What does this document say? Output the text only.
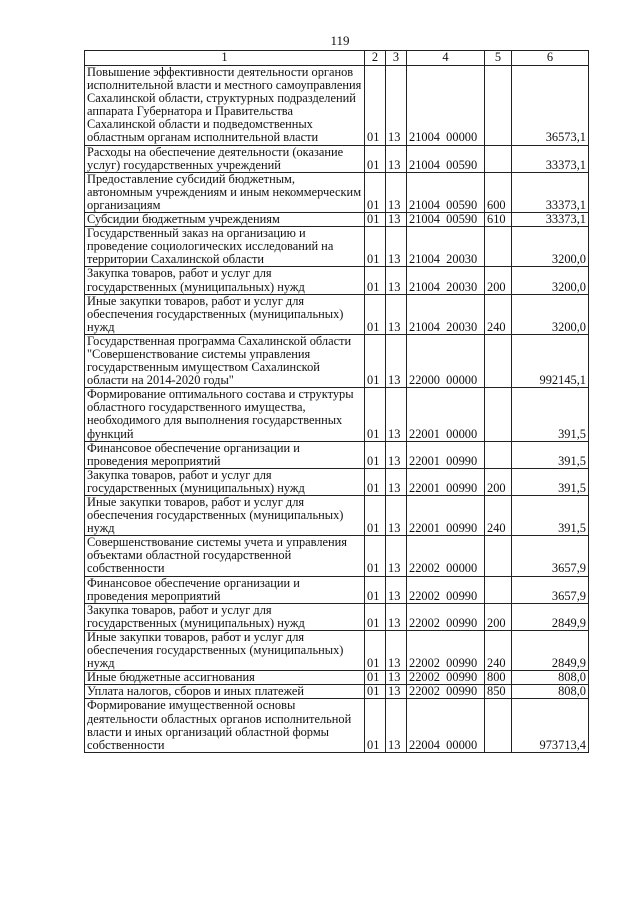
119
1	2	3	4	5	6
Повышение эффективности деятельности органов исполнительной власти и местного самоуправления Сахалинской области, структурных подразделений аппарата Губернатора и Правительства Сахалинской области и подведомственных областным органам исполнительной власти	01	13	21004  00000		36573,1
Расходы на обеспечение деятельности (оказание услуг) государственных учреждений	01	13	21004  00590		33373,1
Предоставление субсидий бюджетным, автономным учреждениям и иным некоммерческим организациям	01	13	21004  00590	600	33373,1
Субсидии бюджетным учреждениям	01	13	21004  00590	610	33373,1
Государственный заказ на организацию и проведение социологических исследований на территории Сахалинской области	01	13	21004  20030		3200,0
Закупка товаров, работ и услуг для государственных (муниципальных) нужд	01	13	21004  20030	200	3200,0
Иные закупки товаров, работ и услуг для обеспечения государственных (муниципальных) нужд	01	13	21004  20030	240	3200,0
Государственная программа Сахалинской области "Совершенствование системы управления государственным имуществом Сахалинской области на 2014-2020 годы"	01	13	22000  00000		992145,1
Формирование оптимального состава и структуры областного государственного имущества, необходимого для выполнения государственных функций	01	13	22001  00000		391,5
Финансовое обеспечение организации и проведения мероприятий	01	13	22001  00990		391,5
Закупка товаров, работ и услуг для государственных (муниципальных) нужд	01	13	22001  00990	200	391,5
Иные закупки товаров, работ и услуг для обеспечения государственных (муниципальных) нужд	01	13	22001  00990	240	391,5
Совершенствование системы учета и управления объектами областной государственной собственности	01	13	22002  00000		3657,9
Финансовое обеспечение организации и проведения мероприятий	01	13	22002  00990		3657,9
Закупка товаров, работ и услуг для государственных (муниципальных) нужд	01	13	22002  00990	200	2849,9
Иные закупки товаров, работ и услуг для обеспечения государственных (муниципальных) нужд	01	13	22002  00990	240	2849,9
Иные бюджетные ассигнования	01	13	22002  00990	800	808,0
Уплата налогов, сборов и иных платежей	01	13	22002  00990	850	808,0
Формирование имущественной основы деятельности областных органов исполнительной власти и иных организаций областной формы собственности	01	13	22004  00000		973713,4
